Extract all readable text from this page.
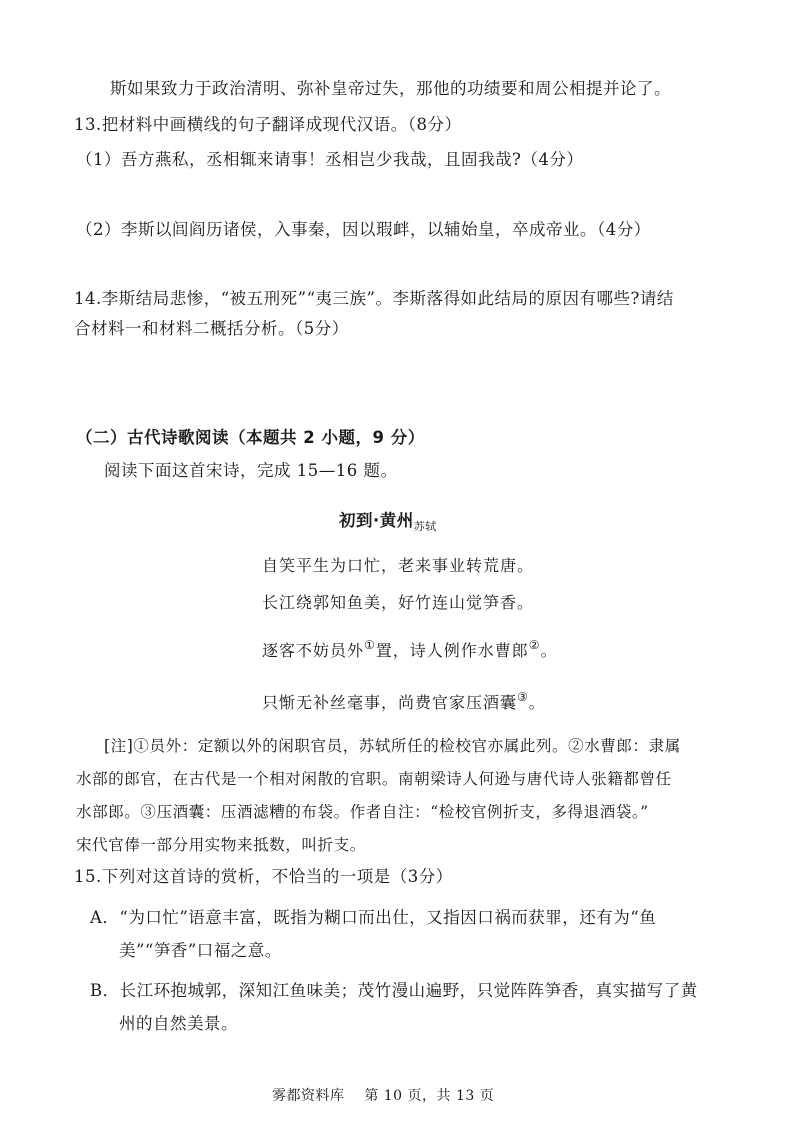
斯如果致力于政治清明、弥补皇帝过失，那他的功绩要和周公相提并论了。
13.把材料中画横线的句子翻译成现代汉语。（8分）
（1）吾方燕私，丞相辄来请事！丞相岂少我哉，且固我哉?（4分）
（2）李斯以闾阎历诸侯，入事秦，因以瑕衅，以辅始皇，卒成帝业。（4分）
14.李斯结局悲惨，“被五刑死”“夷三族”。李斯落得如此结局的原因有哪些?请结
合材料一和材料二概括分析。（5分）
（二）古代诗歌阅读（本题共 2 小题，9 分）
阅读下面这首宋诗，完成 15—16 题。
初到·黄州$_{苏轼}$
自笑平生为口忙，老来事业转荒唐。
长江绕郭知鱼美，好竹连山觉笋香。
逐客不妨员外①置，诗人例作水曹郎②。
只惭无补丝毫事，尚费官家压酒囊③。
[注]①员外：定额以外的闲职官员，苏轼所任的检校官亦属此列。②水曹郎：隶属
水部的郎官，在古代是一个相对闲散的官职。南朝梁诗人何逊与唐代诗人张籍都曾任
水部郎。③压酒囊：压酒滤糟的布袋。作者自注：“检校官例折支，多得退酒袋。”
宋代官俸一部分用实物来抵数，叫折支。
15.下列对这首诗的赏析，不恰当的一项是（3分）
A．“为口忙”语意丰富，既指为糊口而出仕，又指因口祸而获罪，还有为“鱼
美”“笋香”口福之意。
B．长江环抱城郭，深知江鱼味美；茂竹漫山遍野，只觉阵阵笋香，真实描写了黄
州的自然美景。
雾都资料库 第 10 页，共 13 页
